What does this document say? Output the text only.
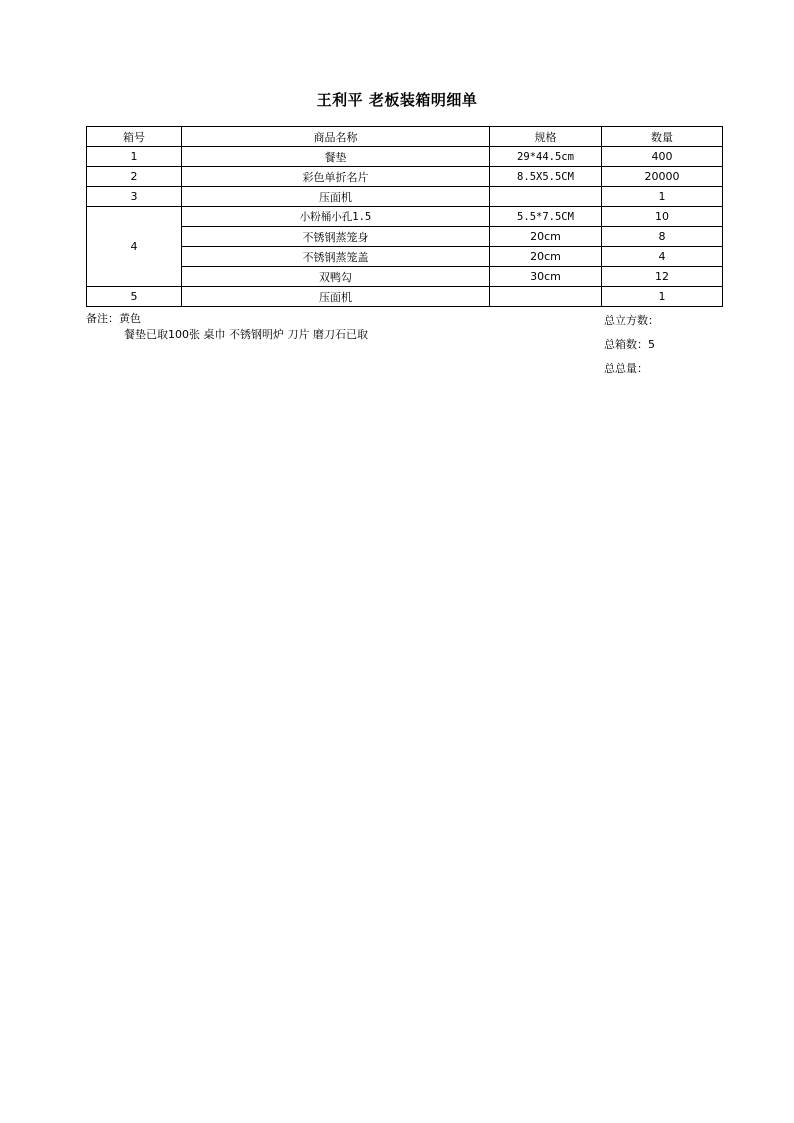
王利平 老板装箱明细单
箱号	商品名称	规格	数量
1	餐垫	29*44.5cm	400
2	彩色单折名片	8.5X5.5CM	20000
3	压面机		1
4	小粉桶小孔1.5	5.5*7.5CM	10
	不锈钢蒸笼身	20cm	8
	不锈钢蒸笼盖	20cm	4
	双鸭勾	30cm	12
5	压面机		1
备注：黄色
餐垫已取100张 桌巾 不锈钢明炉 刀片 磨刀石已取
总立方数：
总箱数：5
总总量：
